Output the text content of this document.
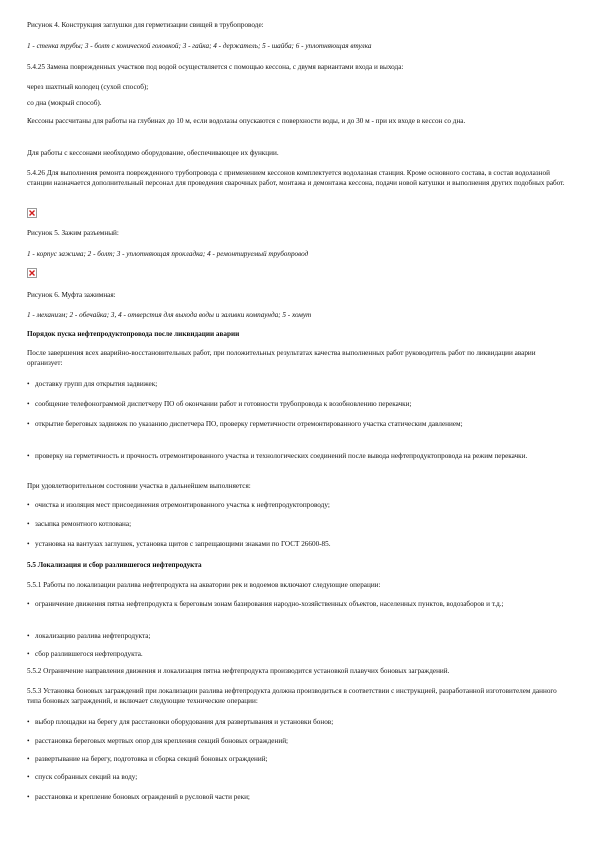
Рисунок 4. Конструкция заглушки для герметизации свищей в трубопроводе:

1 - стенка трубы; 3 - болт с конической головкой; 3 - гайка; 4 - держатель; 5 - шайба; 6 - уплотняющая втулка

5.4.25 Замена поврежденных участков под водой осуществляется с помощью кессона, с двумя вариантами входа и выхода:

через шахтный колодец (сухой способ);

со дна (мокрый способ).

Кессоны рассчитаны для работы на глубинах до 10 м, если водолазы опускаются с поверхности воды, и до 30 м - при их входе в кессон со дна.

Для работы с кессонами необходимо оборудование, обеспечивающее их функции.

5.4.26 Для выполнения ремонта поврежденного трубопровода с применением кессонов комплектуется водолазная станция. Кроме основного состава, в состав водолазной станции назначается дополнительный персонал для проведения сварочных работ, монтажа и демонтажа кессона, подачи новой катушки и выполнения других подобных работ.

Рисунок 5. Зажим разъемный:

1 - корпус зажима; 2 - болт; 3 - уплотняющая прокладка; 4 - ремонтируемый трубопровод

Рисунок 6. Муфта зажимная:

1 - механизм; 2 - обечайка; 3, 4 - отверстия для выхода воды и заливки компаунда; 5 - хомут

Порядок пуска нефтепродуктопровода после ликвидации аварии

После завершения всех аварийно-восстановительных работ, при положительных результатах качества выполненных работ руководитель работ по ликвидации аварии организует:

• доставку групп для открытия задвижек;

• сообщение телефонограммой диспетчеру ПО об окончании работ и готовности трубопровода к возобновлению перекачки;

• открытие береговых задвижек по указанию диспетчера ПО, проверку герметичности отремонтированного участка статическим давлением;

• проверку на герметичность и прочность отремонтированного участка и технологических соединений после вывода нефтепродуктопровода на режим перекачки.

При удовлетворительном состоянии участка в дальнейшем выполняется:

• очистка и изоляция мест присоединения отремонтированного участка к нефтепродуктопроводу;

• засыпка ремонтного котлована;

• установка на вантузах заглушек, установка щитов с запрещающими знаками по ГОСТ 26600-85.

5.5 Локализация и сбор разлившегося нефтепродукта

5.5.1 Работы по локализации разлива нефтепродукта на акватории рек и водоемов включают следующие операции:

• ограничение движения пятна нефтепродукта к береговым зонам базирования народно-хозяйственных объектов, населенных пунктов, водозаборов и т.д.;

• локализацию разлива нефтепродукта;

• сбор разлившегося нефтепродукта.

5.5.2 Ограничение направления движения и локализация пятна нефтепродукта производится установкой плавучих боновых заграждений.

5.5.3 Установка боновых заграждений при локализации разлива нефтепродукта должна производиться в соответствии с инструкцией, разработанной изготовителем данного типа боновых заграждений, и включает следующие технические операции:

• выбор площадки на берегу для расстановки оборудования для развертывания и установки бонов;

• расстановка береговых мертвых опор для крепления секций боновых ограждений;

• развертывание на берегу, подготовка и сборка секций боновых ограждений;

• спуск собранных секций на воду;

• расстановка и крепление боновых ограждений в русловой части реки;
